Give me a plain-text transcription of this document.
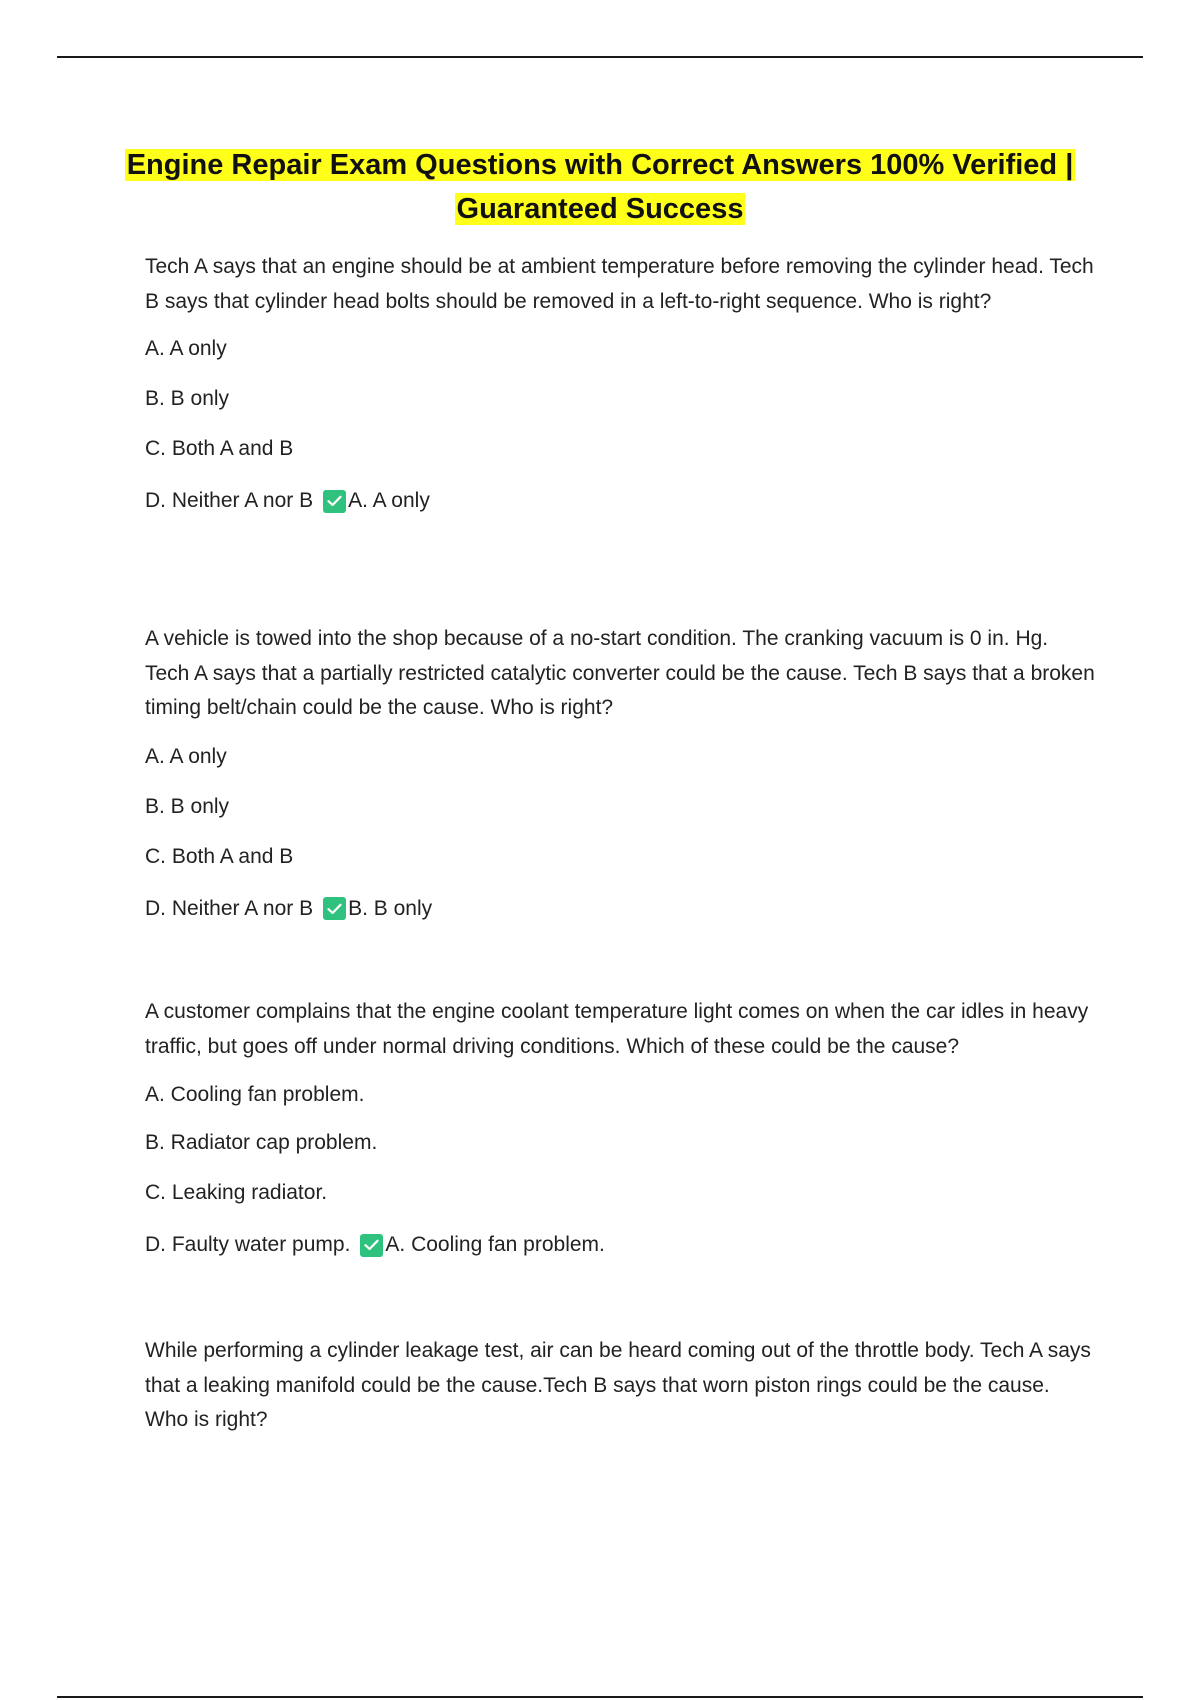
Engine Repair Exam Questions with Correct Answers 100% Verified | Guaranteed Success

Tech A says that an engine should be at ambient temperature before removing the cylinder head. Tech B says that cylinder head bolts should be removed in a left-to-right sequence. Who is right?

A. A only

B. B only

C. Both A and B

D. Neither A nor B A. A only

A vehicle is towed into the shop because of a no-start condition. The cranking vacuum is 0 in. Hg. Tech A says that a partially restricted catalytic converter could be the cause. Tech B says that a broken timing belt/chain could be the cause. Who is right?

A. A only

B. B only

C. Both A and B

D. Neither A nor B B. B only

A customer complains that the engine coolant temperature light comes on when the car idles in heavy traffic, but goes off under normal driving conditions. Which of these could be the cause?

A. Cooling fan problem.

B. Radiator cap problem.

C. Leaking radiator.

D. Faulty water pump. A. Cooling fan problem.

While performing a cylinder leakage test, air can be heard coming out of the throttle body. Tech A says that a leaking manifold could be the cause.Tech B says that worn piston rings could be the cause. Who is right?
